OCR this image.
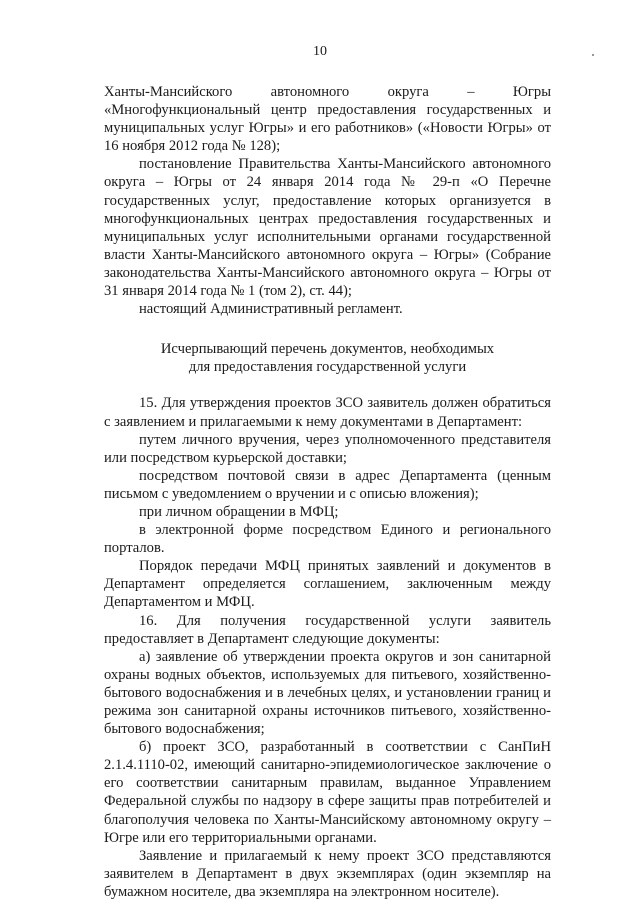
10

Ханты-Мансийского автономного округа – Югры «Многофункциональный центр предоставления государственных и муниципальных услуг Югры» и его работников» («Новости Югры» от 16 ноября 2012 года № 128);

постановление Правительства Ханты-Мансийского автономного округа – Югры от 24 января 2014 года № 29-п «О Перечне государственных услуг, предоставление которых организуется в многофункциональных центрах предоставления государственных и муниципальных услуг исполнительными органами государственной власти Ханты-Мансийского автономного округа – Югры» (Собрание законодательства Ханты-Мансийского автономного округа – Югры от 31 января 2014 года № 1 (том 2), ст. 44);

настоящий Административный регламент.

Исчерпывающий перечень документов, необходимых
для предоставления государственной услуги

15. Для утверждения проектов ЗСО заявитель должен обратиться с заявлением и прилагаемыми к нему документами в Департамент:

путем личного вручения, через уполномоченного представителя или посредством курьерской доставки;

посредством почтовой связи в адрес Департамента (ценным письмом с уведомлением о вручении и с описью вложения);

при личном обращении в МФЦ;

в электронной форме посредством Единого и регионального порталов.

Порядок передачи МФЦ принятых заявлений и документов в Департамент определяется соглашением, заключенным между Департаментом и МФЦ.

16. Для получения государственной услуги заявитель предоставляет в Департамент следующие документы:

а) заявление об утверждении проекта округов и зон санитарной охраны водных объектов, используемых для питьевого, хозяйственно-бытового водоснабжения и в лечебных целях, и установлении границ и режима зон санитарной охраны источников питьевого, хозяйственно-бытового водоснабжения;

б) проект ЗСО, разработанный в соответствии с СанПиН 2.1.4.1110-02, имеющий санитарно-эпидемиологическое заключение о его соответствии санитарным правилам, выданное Управлением Федеральной службы по надзору в сфере защиты прав потребителей и благополучия человека по Ханты-Мансийскому автономному округу – Югре или его территориальными органами.

Заявление и прилагаемый к нему проект ЗСО представляются заявителем в Департамент в двух экземплярах (один экземпляр на бумажном носителе, два экземпляра на электронном носителе).
